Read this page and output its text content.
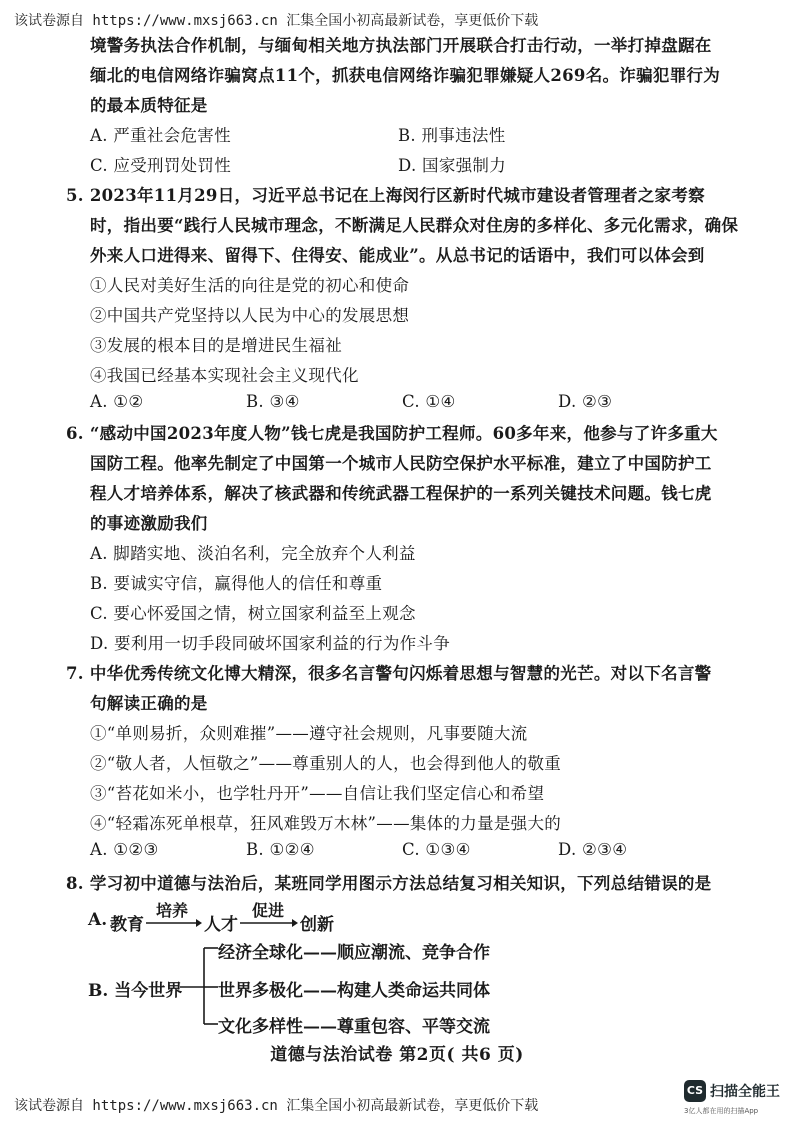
该试卷源自 https://www.mxsj663.cn 汇集全国小初高最新试卷，享更低价下载
境警务执法合作机制，与缅甸相关地方执法部门开展联合打击行动，一举打掉盘踞在
缅北的电信网络诈骗窝点11个，抓获电信网络诈骗犯罪嫌疑人269名。诈骗犯罪行为
的最本质特征是
A. 严重社会危害性	B. 刑事违法性
C. 应受刑罚处罚性	D. 国家强制力
5. 2023年11月29日，习近平总书记在上海闵行区新时代城市建设者管理者之家考察
时，指出要“践行人民城市理念，不断满足人民群众对住房的多样化、多元化需求，确保
外来人口进得来、留得下、住得安、能成业”。从总书记的话语中，我们可以体会到
①人民对美好生活的向往是党的初心和使命
②中国共产党坚持以人民为中心的发展思想
③发展的根本目的是增进民生福祉
④我国已经基本实现社会主义现代化
A. ①②	B. ③④	C. ①④	D. ②③
6. “感动中国2023年度人物”钱七虎是我国防护工程师。60多年来，他参与了许多重大
国防工程。他率先制定了中国第一个城市人民防空保护水平标准，建立了中国防护工
程人才培养体系，解决了核武器和传统武器工程保护的一系列关键技术问题。钱七虎
的事迹激励我们
A. 脚踏实地、淡泊名利，完全放弃个人利益
B. 要诚实守信，赢得他人的信任和尊重
C. 要心怀爱国之情，树立国家利益至上观念
D. 要利用一切手段同破坏国家利益的行为作斗争
7. 中华优秀传统文化博大精深，很多名言警句闪烁着思想与智慧的光芒。对以下名言警
句解读正确的是
①“单则易折，众则难摧”——遵守社会规则，凡事要随大流
②“敬人者，人恒敬之”——尊重别人的人，也会得到他人的敬重
③“苔花如米小，也学牡丹开”——自信让我们坚定信心和希望
④“轻霜冻死单根草，狂风难毁万木林”——集体的力量是强大的
A. ①②③	B. ①②④	C. ①③④	D. ②③④
8. 学习初中道德与法治后，某班同学用图示方法总结复习相关知识，下列总结错误的是
A. 教育
培养
人才
促进
创新
B. 当今世界
经济全球化——顺应潮流、竞争合作
世界多极化——构建人类命运共同体
文化多样性——尊重包容、平等交流
道德与法治试卷 第2页( 共6 页)
该试卷源自 https://www.mxsj663.cn 汇集全国小初高最新试卷，享更低价下载
CS 扫描全能王
3亿人都在用的扫描App
